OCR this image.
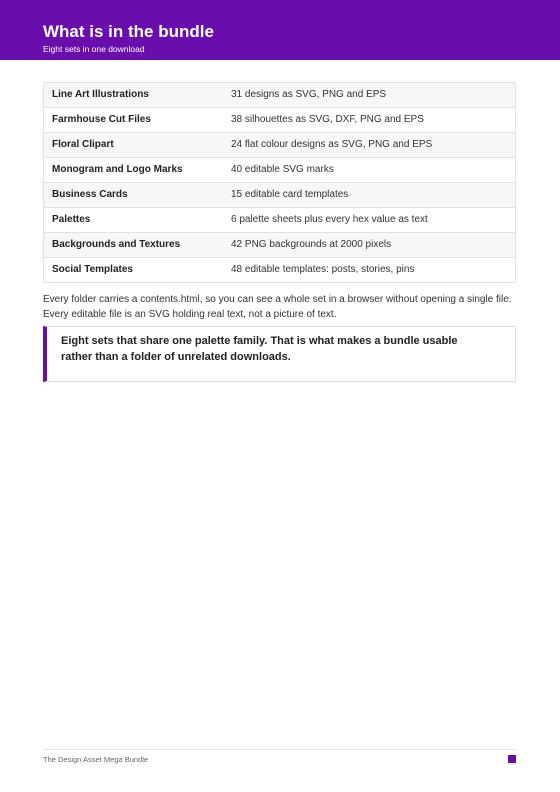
What is in the bundle
Eight sets in one download
Line Art Illustrations	31 designs as SVG, PNG and EPS
Farmhouse Cut Files	38 silhouettes as SVG, DXF, PNG and EPS
Floral Clipart	24 flat colour designs as SVG, PNG and EPS
Monogram and Logo Marks	40 editable SVG marks
Business Cards	15 editable card templates
Palettes	6 palette sheets plus every hex value as text
Backgrounds and Textures	42 PNG backgrounds at 2000 pixels
Social Templates	48 editable templates: posts, stories, pins

Every folder carries a contents.html, so you can see a whole set in a browser without opening a single file. Every editable file is an SVG holding real text, not a picture of text.

Eight sets that share one palette family. That is what makes a bundle usable rather than a folder of unrelated downloads.
The Design Asset Mega Bundle
